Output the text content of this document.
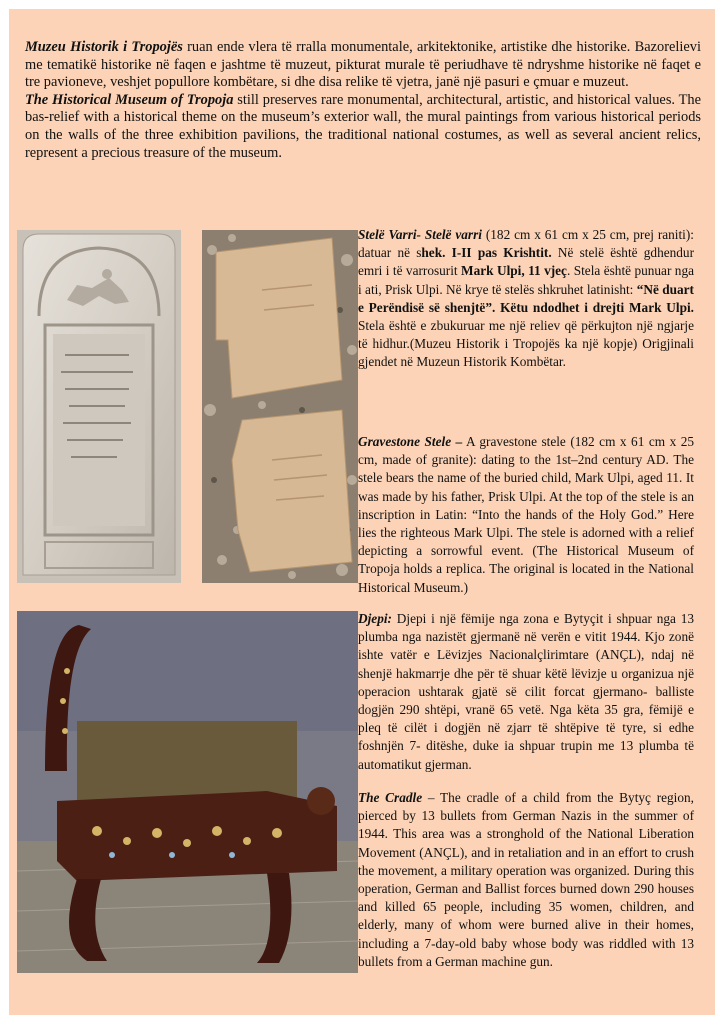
Muzeu Historik i Tropojës ruan ende vlera të rralla monumentale, arkitektonike, artistike dhe historike. Bazorelievi me tematikë historike në faqen e jashtme të muzeut, pikturat murale të periudhave të ndryshme historike në faqet e tre pavioneve, veshjet popullore kombëtare, si dhe disa relike të vjetra, janë një pasuri e çmuar e muzeut.

The Historical Museum of Tropoja still preserves rare monumental, architectural, artistic, and historical values. The bas-relief with a historical theme on the museum’s exterior wall, the mural paintings from various historical periods on the walls of the three exhibition pavilions, the traditional national costumes, as well as several ancient relics, represent a precious treasure of the museum.

Stelë Varri- Stelë varri (182 cm x 61 cm x 25 cm, prej raniti): datuar në shek. I-II pas Krishtit. Në stelë është gdhendur emri i të varrosurit Mark Ulpi, 11 vjeç. Stela është punuar nga i ati, Prisk Ulpi. Në krye të stelës shkruhet latinisht: “Në duart e Perëndisë së shenjtë”. Këtu ndodhet i drejti Mark Ulpi. Stela është e zbukuruar me një reliev që përkujton një ngjarje të hidhur.(Muzeu Historik i Tropojës ka një kopje) Origjinali gjendet në Muzeun Historik Kombëtar.

Gravestone Stele – A gravestone stele (182 cm x 61 cm x 25 cm, made of granite): dating to the 1st–2nd century AD. The stele bears the name of the buried child, Mark Ulpi, aged 11. It was made by his father, Prisk Ulpi. At the top of the stele is an inscription in Latin: “Into the hands of the Holy God.” Here lies the righteous Mark Ulpi. The stele is adorned with a relief depicting a sorrowful event. (The Historical Museum of Tropoja holds a replica. The original is located in the National Historical Museum.)

Djepi: Djepi i një fëmije nga zona e Bytyçit i shpuar nga 13 plumba nga nazistët gjermanë në verën e vitit 1944. Kjo zonë ishte vatër e Lëvizjes Nacionalçlirimtare (ANÇL), ndaj në shenjë hakmarrje dhe për të shuar këtë lëvizje u organizua një operacion ushtarak gjatë së cilit forcat gjermano- balliste dogjën 290 shtëpi, vranë 65 vetë. Nga këta 35 gra, fëmijë e pleq të cilët i dogjën në zjarr të shtëpive të tyre, si edhe foshnjën 7- ditëshe, duke ia shpuar trupin me 13 plumba të automatikut gjerman.

The Cradle – The cradle of a child from the Bytyç region, pierced by 13 bullets from German Nazis in the summer of 1944. This area was a stronghold of the National Liberation Movement (ANÇL), and in retaliation and in an effort to crush the movement, a military operation was organized. During this operation, German and Ballist forces burned down 290 houses and killed 65 people, including 35 women, children, and elderly, many of whom were burned alive in their homes, including a 7-day-old baby whose body was riddled with 13 bullets from a German machine gun.
